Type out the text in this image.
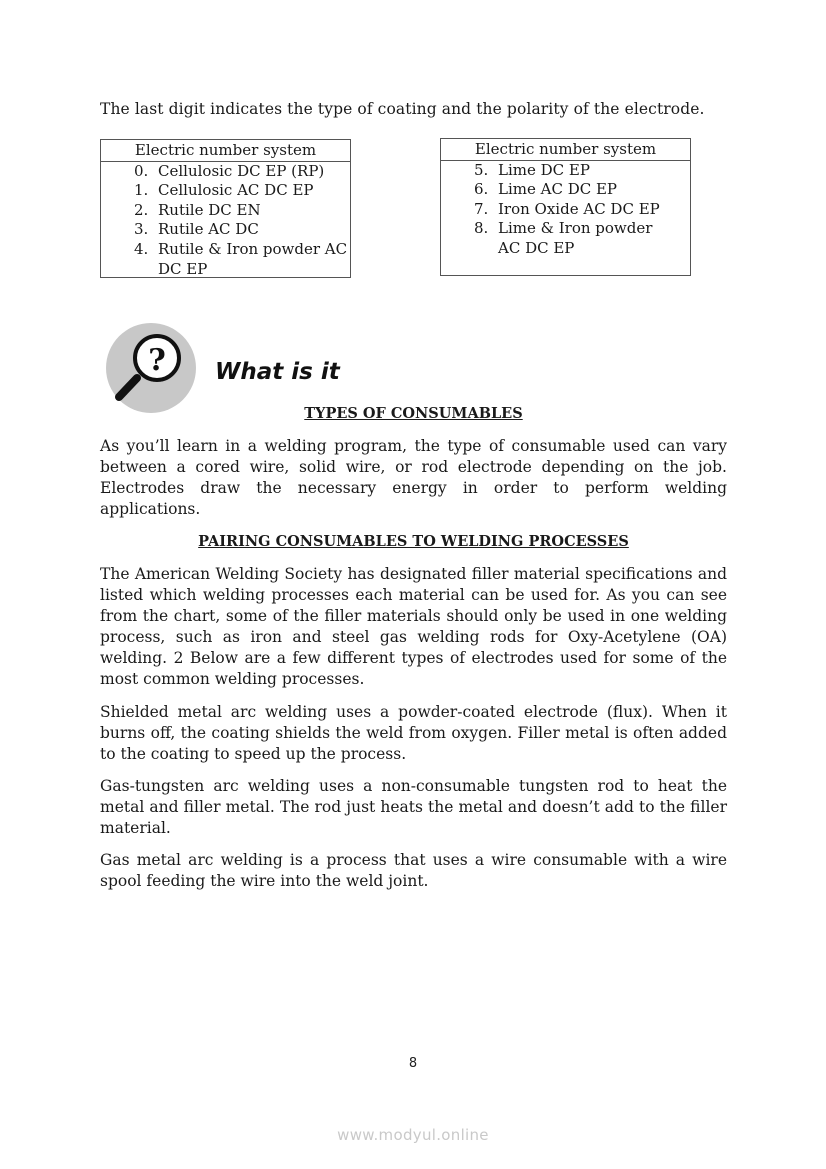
The last digit indicates the type of coating and the polarity of the electrode.
Electric number system
0. Cellulosic DC EP (RP)
1. Cellulosic AC DC EP
2. Rutile DC EN
3. Rutile AC DC
4. Rutile & Iron powder AC DC EP
Electric number system
5. Lime DC EP
6. Lime AC DC EP
7. Iron Oxide AC DC EP
8. Lime & Iron powder AC DC EP
? What is it
TYPES OF CONSUMABLES

As you’ll learn in a welding program, the type of consumable used can vary between a cored wire, solid wire, or rod electrode depending on the job. Electrodes draw the necessary energy in order to perform welding applications.

PAIRING CONSUMABLES TO WELDING PROCESSES

The American Welding Society has designated filler material specifications and listed which welding processes each material can be used for. As you can see from the chart, some of the filler materials should only be used in one welding process, such as iron and steel gas welding rods for Oxy-Acetylene (OA) welding. 2 Below are a few different types of electrodes used for some of the most common welding processes.

Shielded metal arc welding uses a powder-coated electrode (flux). When it burns off, the coating shields the weld from oxygen. Filler metal is often added to the coating to speed up the process.

Gas-tungsten arc welding uses a non-consumable tungsten rod to heat the metal and filler metal. The rod just heats the metal and doesn’t add to the filler material.

Gas metal arc welding is a process that uses a wire consumable with a wire spool feeding the wire into the weld joint.

8
www.modyul.online
